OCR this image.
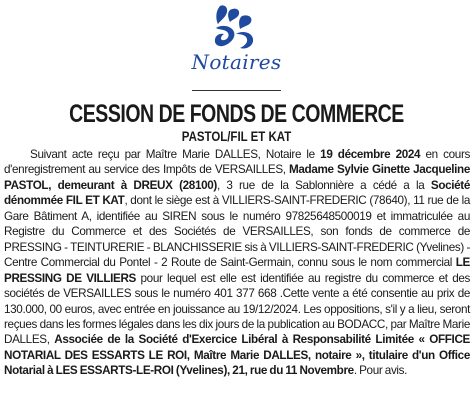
Notaires
CESSION DE FONDS DE COMMERCE
PASTOL/FIL ET KAT

Suivant acte reçu par Maître Marie DALLES, Notaire le 19 décembre 2024 en cours d'enregistrement au service des Impôts de VERSAILLES, Madame Sylvie Ginette Jacqueline PASTOL, demeurant à DREUX (28100), 3 rue de la Sablonnière a cédé a la Société dénommée FIL ET KAT, dont le siège est à VILLIERS-SAINT-FREDERIC (78640), 11 rue de la Gare Bâtiment A, identifiée au SIREN sous le numéro 97825648500019 et immatriculée au Registre du Commerce et des Sociétés de VERSAILLES, son fonds de commerce de PRESSING - TEINTURERIE - BLANCHISSERIE sis à VILLIERS-SAINT-FREDERIC (Yvelines) - Centre Commercial du Pontel - 2 Route de Saint-Germain, connu sous le nom commercial LE PRESSING DE VILLIERS pour lequel est elle est identifiée au registre du commerce et des sociétés de VERSAILLES sous le numéro 401 377 668 .Cette vente a été consentie au prix de 130.000, 00 euros, avec entrée en jouissance au 19/12/2024. Les oppositions, s'il y a lieu, seront reçues dans les formes légales dans les dix jours de la publication au BODACC, par Maître Marie DALLES, Associée de la Société d'Exercice Libéral à Responsabilité Limitée « OFFICE NOTARIAL DES ESSARTS LE ROI, Maître Marie DALLES, notaire », titulaire d'un Office Notarial à LES ESSARTS-LE-ROI (Yvelines), 21, rue du 11 Novembre. Pour avis.
